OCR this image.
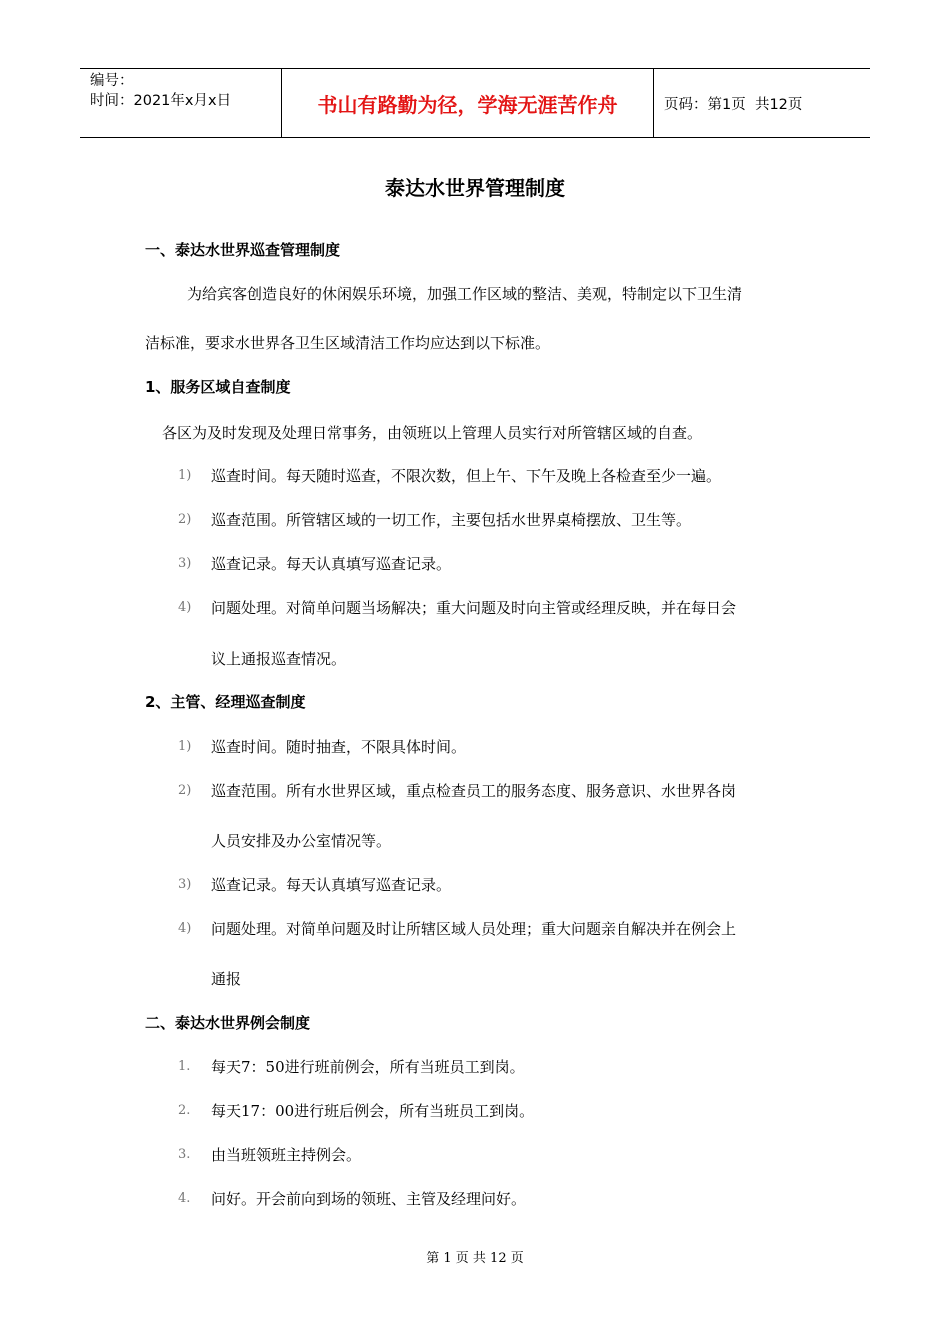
编号：
时间：2021年x月x日	书山有路勤为径，学海无涯苦作舟	页码：第1页  共12页
泰达水世界管理制度
一、泰达水世界巡查管理制度
为给宾客创造良好的休闲娱乐环境，加强工作区域的整洁、美观，特制定以下卫生清
洁标准，要求水世界各卫生区域清洁工作均应达到以下标准。
1、服务区域自查制度
各区为及时发现及处理日常事务，由领班以上管理人员实行对所管辖区域的自查。
1) 巡查时间。每天随时巡查，不限次数，但上午、下午及晚上各检查至少一遍。
2) 巡查范围。所管辖区域的一切工作，主要包括水世界桌椅摆放、卫生等。
3) 巡查记录。每天认真填写巡查记录。
4) 问题处理。对简单问题当场解决；重大问题及时向主管或经理反映，并在每日会
议上通报巡查情况。
2、主管、经理巡查制度
1) 巡查时间。随时抽查，不限具体时间。
2) 巡查范围。所有水世界区域，重点检查员工的服务态度、服务意识、水世界各岗
人员安排及办公室情况等。
3) 巡查记录。每天认真填写巡查记录。
4) 问题处理。对简单问题及时让所辖区域人员处理；重大问题亲自解决并在例会上
通报
二、泰达水世界例会制度
1. 每天7：50进行班前例会，所有当班员工到岗。
2. 每天17：00进行班后例会，所有当班员工到岗。
3. 由当班领班主持例会。
4. 问好。开会前向到场的领班、主管及经理问好。
第 1 页 共 12 页
